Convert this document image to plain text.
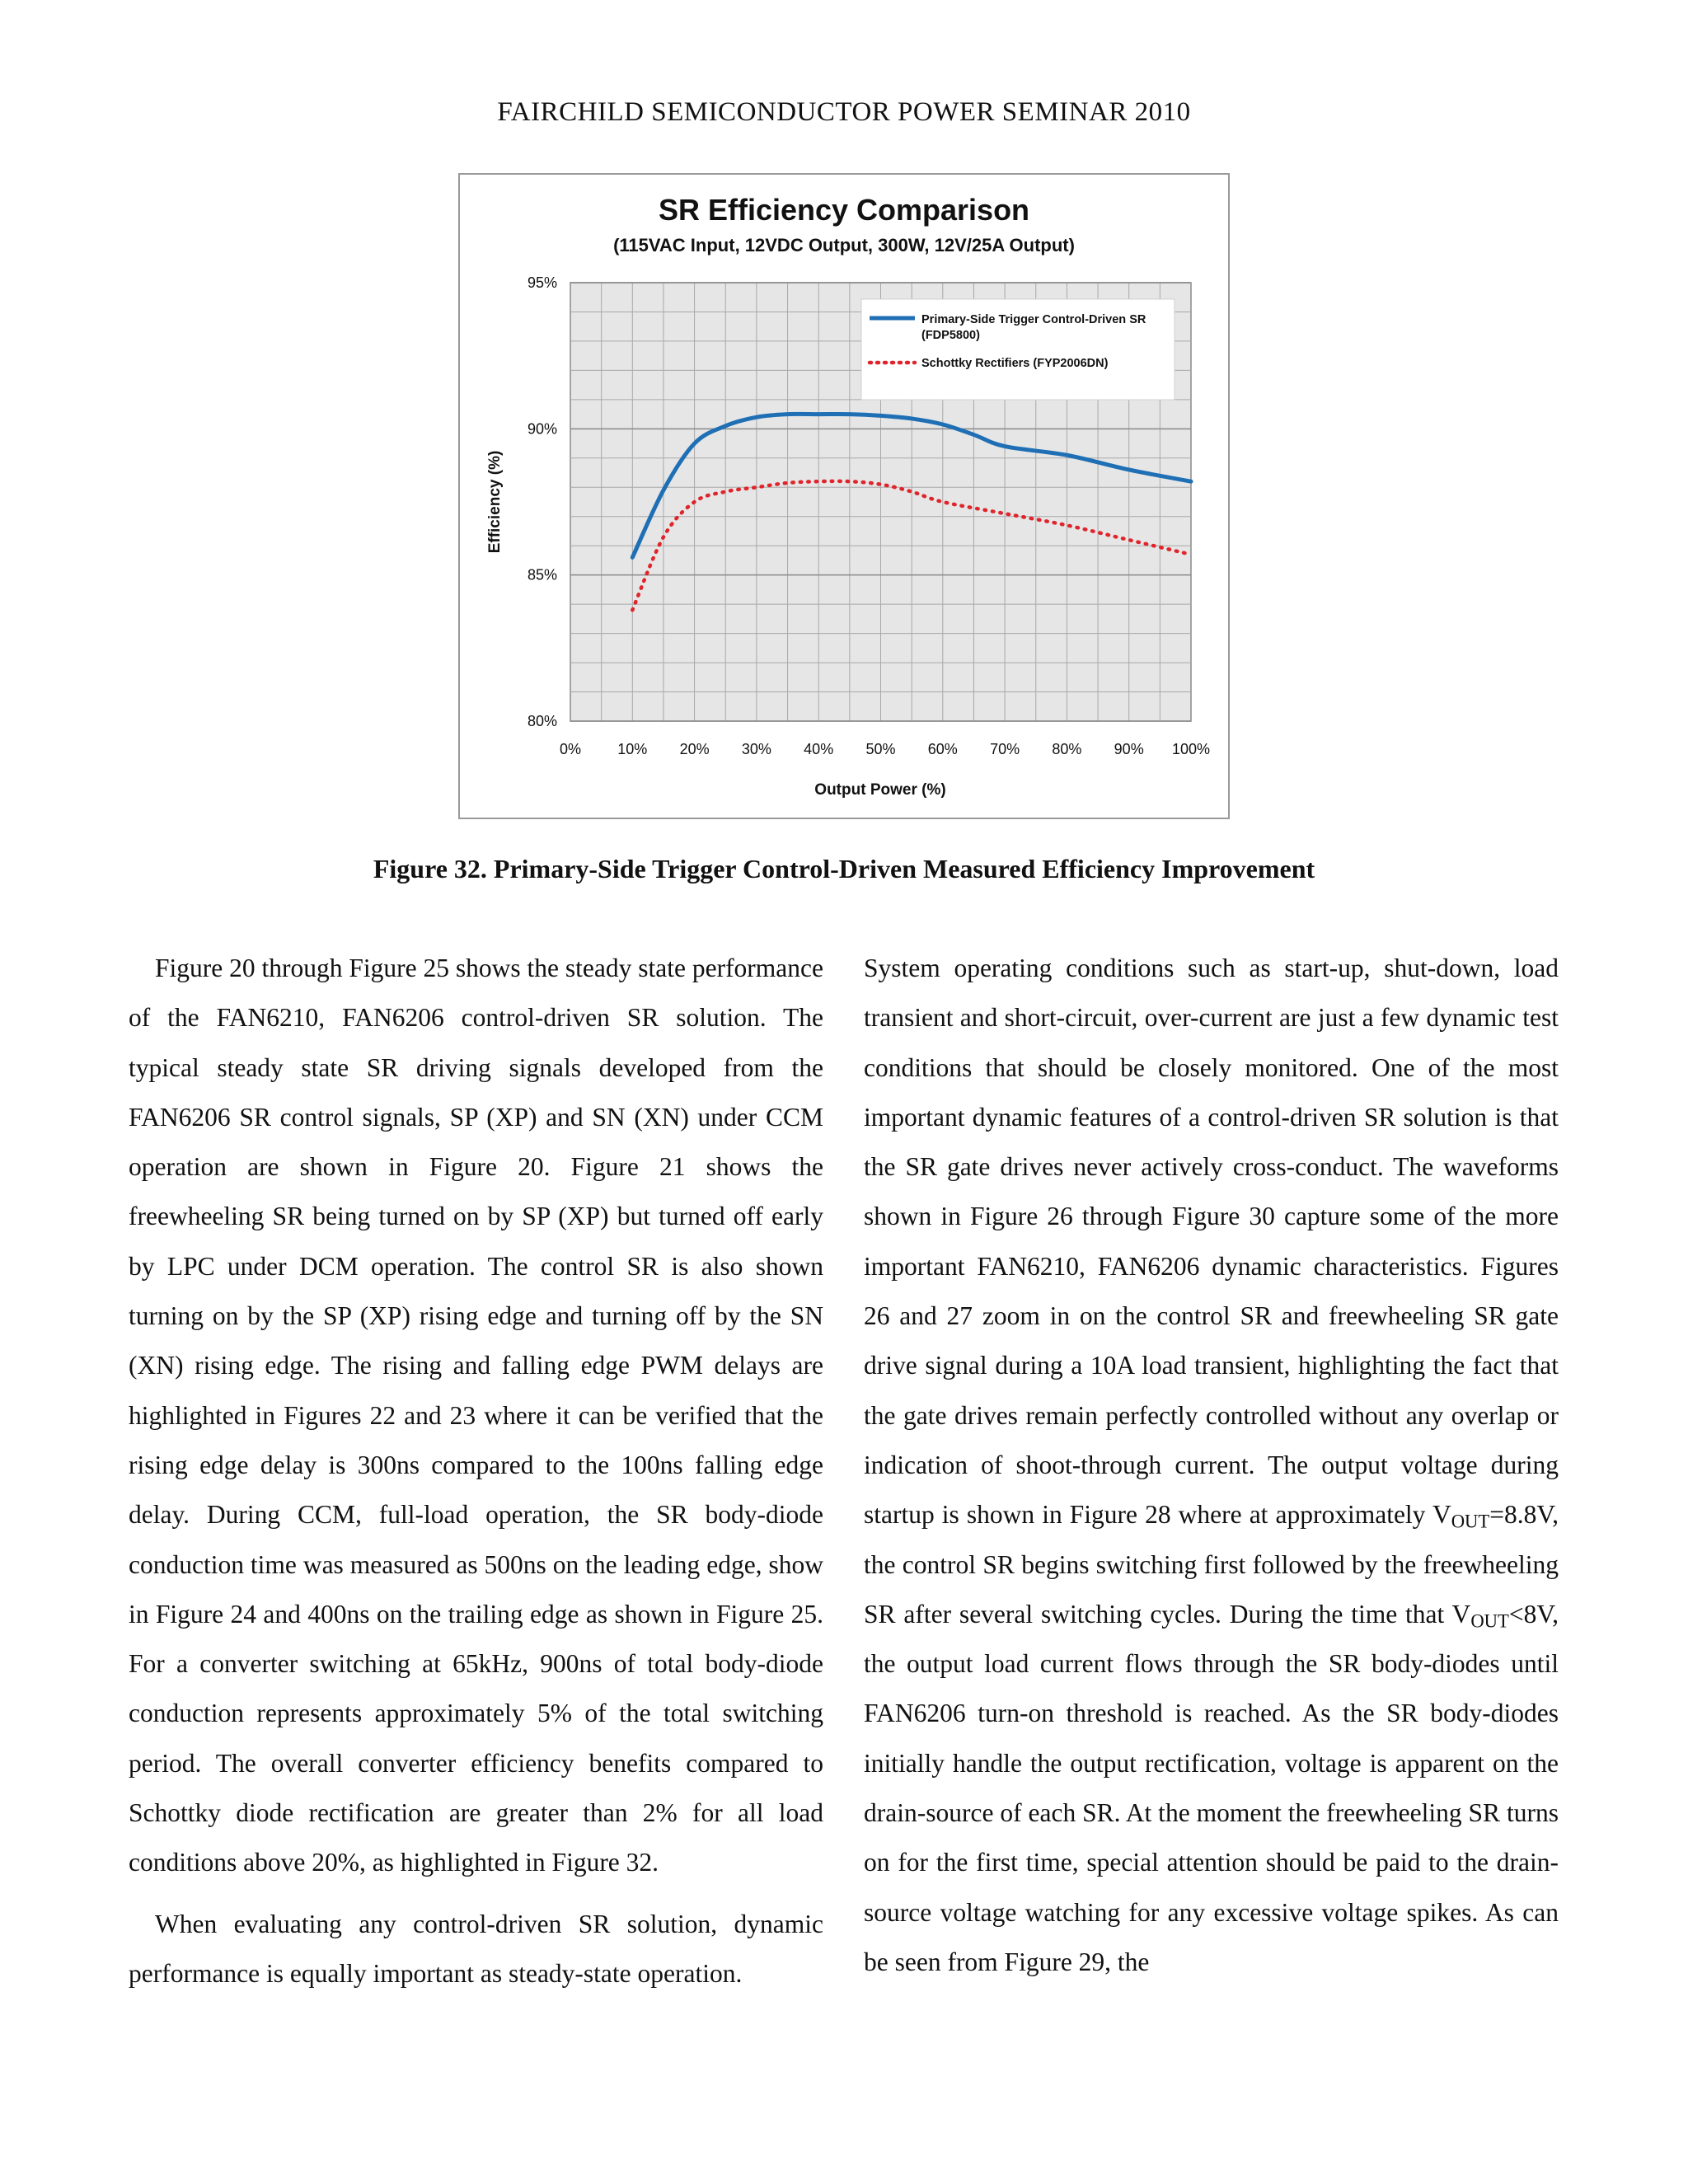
FAIRCHILD SEMICONDUCTOR POWER SEMINAR 2010
SR Efficiency Comparison
(115VAC Input, 12VDC Output, 300W, 12V/25A Output)
80%
85%
90%
95%
0% 10% 20% 30% 40% 50% 60% 70% 80% 90% 100%
Primary-Side Trigger Control-Driven SR
(FDP5800)
Schottky Rectifiers (FYP2006DN)
Output Power (%)
Efficiency (%)
Figure 32. Primary-Side Trigger Control-Driven Measured Efficiency Improvement

Figure 20 through Figure 25 shows the steady state performance of the FAN6210, FAN6206 control-driven SR solution. The typical steady state SR driving signals developed from the FAN6206 SR control signals, SP (XP) and SN (XN) under CCM operation are shown in Figure 20. Figure 21 shows the freewheeling SR being turned on by SP (XP) but turned off early by LPC under DCM operation. The control SR is also shown turning on by the SP (XP) rising edge and turning off by the SN (XN) rising edge. The rising and falling edge PWM delays are highlighted in Figures 22 and 23 where it can be verified that the rising edge delay is 300ns compared to the 100ns falling edge delay. During CCM, full-load operation, the SR body-diode conduction time was measured as 500ns on the leading edge, show in Figure 24 and 400ns on the trailing edge as shown in Figure 25. For a converter switching at 65kHz, 900ns of total body-diode conduction represents approximately 5% of the total switching period. The overall converter efficiency benefits compared to Schottky diode rectification are greater than 2% for all load conditions above 20%, as highlighted in Figure 32.

When evaluating any control-driven SR solution, dynamic performance is equally important as steady-state operation.

System operating conditions such as start-up, shut-down, load transient and short-circuit, over-current are just a few dynamic test conditions that should be closely monitored. One of the most important dynamic features of a control-driven SR solution is that the SR gate drives never actively cross-conduct. The waveforms shown in Figure 26 through Figure 30 capture some of the more important FAN6210, FAN6206 dynamic characteristics. Figures 26 and 27 zoom in on the control SR and freewheeling SR gate drive signal during a 10A load transient, highlighting the fact that the gate drives remain perfectly controlled without any overlap or indication of shoot-through current. The output voltage during startup is shown in Figure 28 where at approximately $V_{OUT}=8.8V$, the control SR begins switching first followed by the freewheeling SR after several switching cycles. During the time that $V_{OUT}<8V$, the output load current flows through the SR body-diodes until FAN6206 turn-on threshold is reached. As the SR body-diodes initially handle the output rectification, voltage is apparent on the drain-source of each SR. At the moment the freewheeling SR turns on for the first time, special attention should be paid to the drain-source voltage watching for any excessive voltage spikes. As can be seen from Figure 29, the
